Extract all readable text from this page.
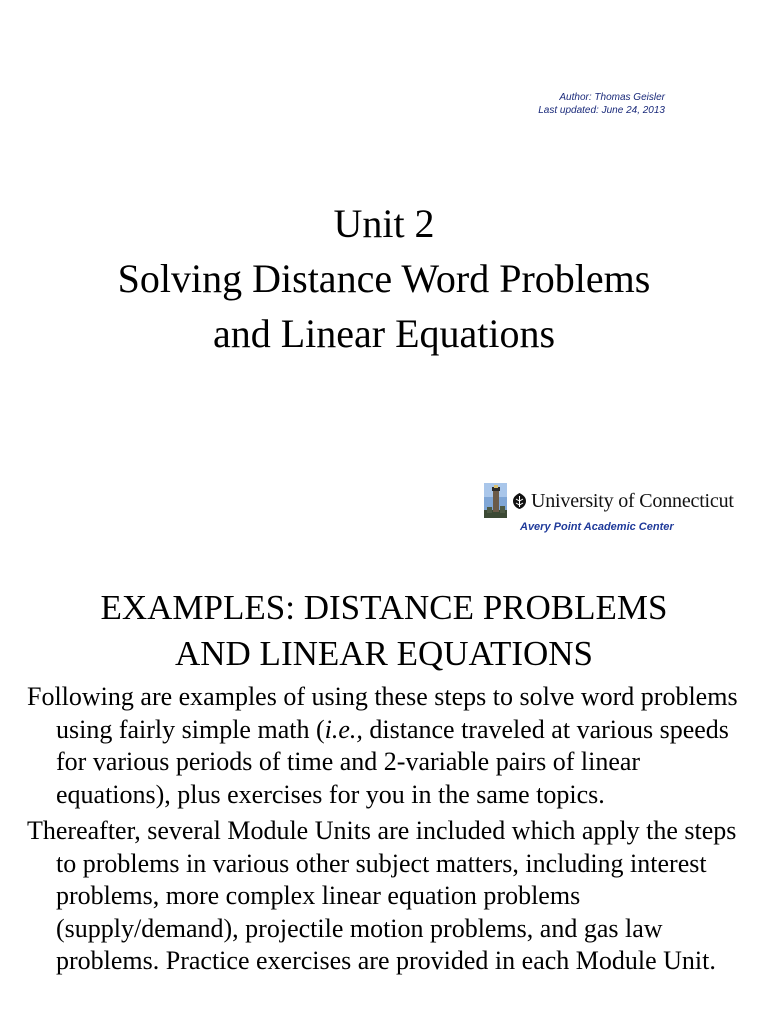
Author: Thomas Geisler
Last updated: June 24, 2013
Unit 2
Solving Distance Word Problems
and Linear Equations
University of Connecticut
Avery Point Academic Center
EXAMPLES: DISTANCE PROBLEMS
AND LINEAR EQUATIONS

Following are examples of using these steps to solve word problems using fairly simple math (i.e., distance traveled at various speeds for various periods of time and 2-variable pairs of linear equations), plus exercises for you in the same topics.

Thereafter, several Module Units are included which apply the steps to problems in various other subject matters, including interest problems, more complex linear equation problems (supply/demand), projectile motion problems, and gas law problems. Practice exercises are provided in each Module Unit.
